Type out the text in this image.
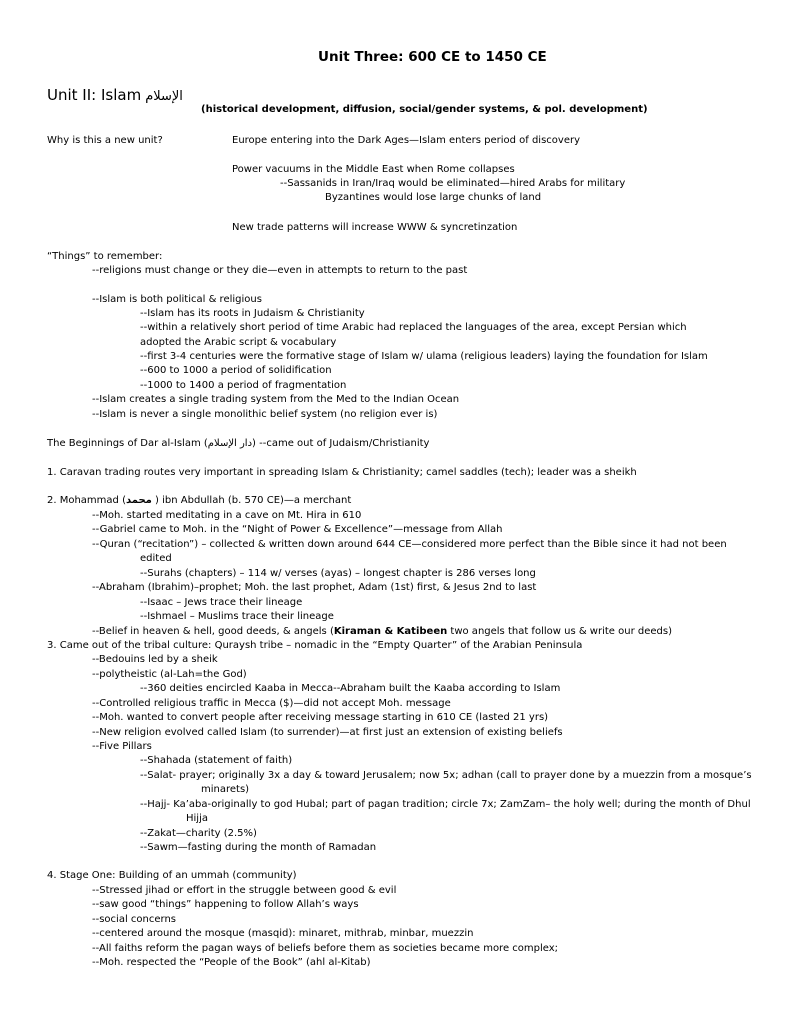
Unit Three: 600 CE to 1450 CE
Unit II: Islam الإسلام
(historical development, diffusion, social/gender systems, & pol. development)
Why is this a new unit?	Europe entering into the Dark Ages—Islam enters period of discovery
Power vacuums in the Middle East when Rome collapses
--Sassanids in Iran/Iraq would be eliminated—hired Arabs for military
Byzantines would lose large chunks of land
New trade patterns will increase WWW & syncretinzation
“Things” to remember:
--religions must change or they die—even in attempts to return to the past
--Islam is both political & religious
--Islam has its roots in Judaism & Christianity
--within a relatively short period of time Arabic had replaced the languages of the area, except Persian which
adopted the Arabic script & vocabulary
--first 3-4 centuries were the formative stage of Islam w/ ulama (religious leaders) laying the foundation for Islam
--600 to 1000 a period of solidification
--1000 to 1400 a period of fragmentation
--Islam creates a single trading system from the Med to the Indian Ocean
--Islam is never a single monolithic belief system (no religion ever is)
The Beginnings of Dar al-Islam (دار الإسلام) --came out of Judaism/Christianity
1. Caravan trading routes very important in spreading Islam & Christianity; camel saddles (tech); leader was a sheikh
2. Mohammad (محمد ) ibn Abdullah (b. 570 CE)—a merchant
--Moh. started meditating in a cave on Mt. Hira in 610
--Gabriel came to Moh. in the “Night of Power & Excellence”—message from Allah
--Quran (“recitation”) – collected & written down around 644 CE—considered more perfect than the Bible since it had not been
edited
--Surahs (chapters) – 114 w/ verses (ayas) – longest chapter is 286 verses long
--Abraham (Ibrahim)–prophet; Moh. the last prophet, Adam (1st) first, & Jesus 2nd to last
--Isaac – Jews trace their lineage
--Ishmael – Muslims trace their lineage
--Belief in heaven & hell, good deeds, & angels (Kiraman & Katibeen two angels that follow us & write our deeds)
3. Came out of the tribal culture: Quraysh tribe – nomadic in the “Empty Quarter” of the Arabian Peninsula
--Bedouins led by a sheik
--polytheistic (al-Lah=the God)
--360 deities encircled Kaaba in Mecca--Abraham built the Kaaba according to Islam
--Controlled religious traffic in Mecca ($)—did not accept Moh. message
--Moh. wanted to convert people after receiving message starting in 610 CE (lasted 21 yrs)
--New religion evolved called Islam (to surrender)—at first just an extension of existing beliefs
--Five Pillars
--Shahada (statement of faith)
--Salat- prayer; originally 3x a day & toward Jerusalem; now 5x; adhan (call to prayer done by a muezzin from a mosque’s
minarets)
--Hajj- Ka’aba-originally to god Hubal; part of pagan tradition; circle 7x; ZamZam– the holy well; during the month of Dhul
Hijja
--Zakat—charity (2.5%)
--Sawm—fasting during the month of Ramadan
4. Stage One: Building of an ummah (community)
--Stressed jihad or effort in the struggle between good & evil
--saw good “things” happening to follow Allah’s ways
--social concerns
--centered around the mosque (masqid): minaret, mithrab, minbar, muezzin
--All faiths reform the pagan ways of beliefs before them as societies became more complex;
--Moh. respected the “People of the Book” (ahl al-Kitab)
